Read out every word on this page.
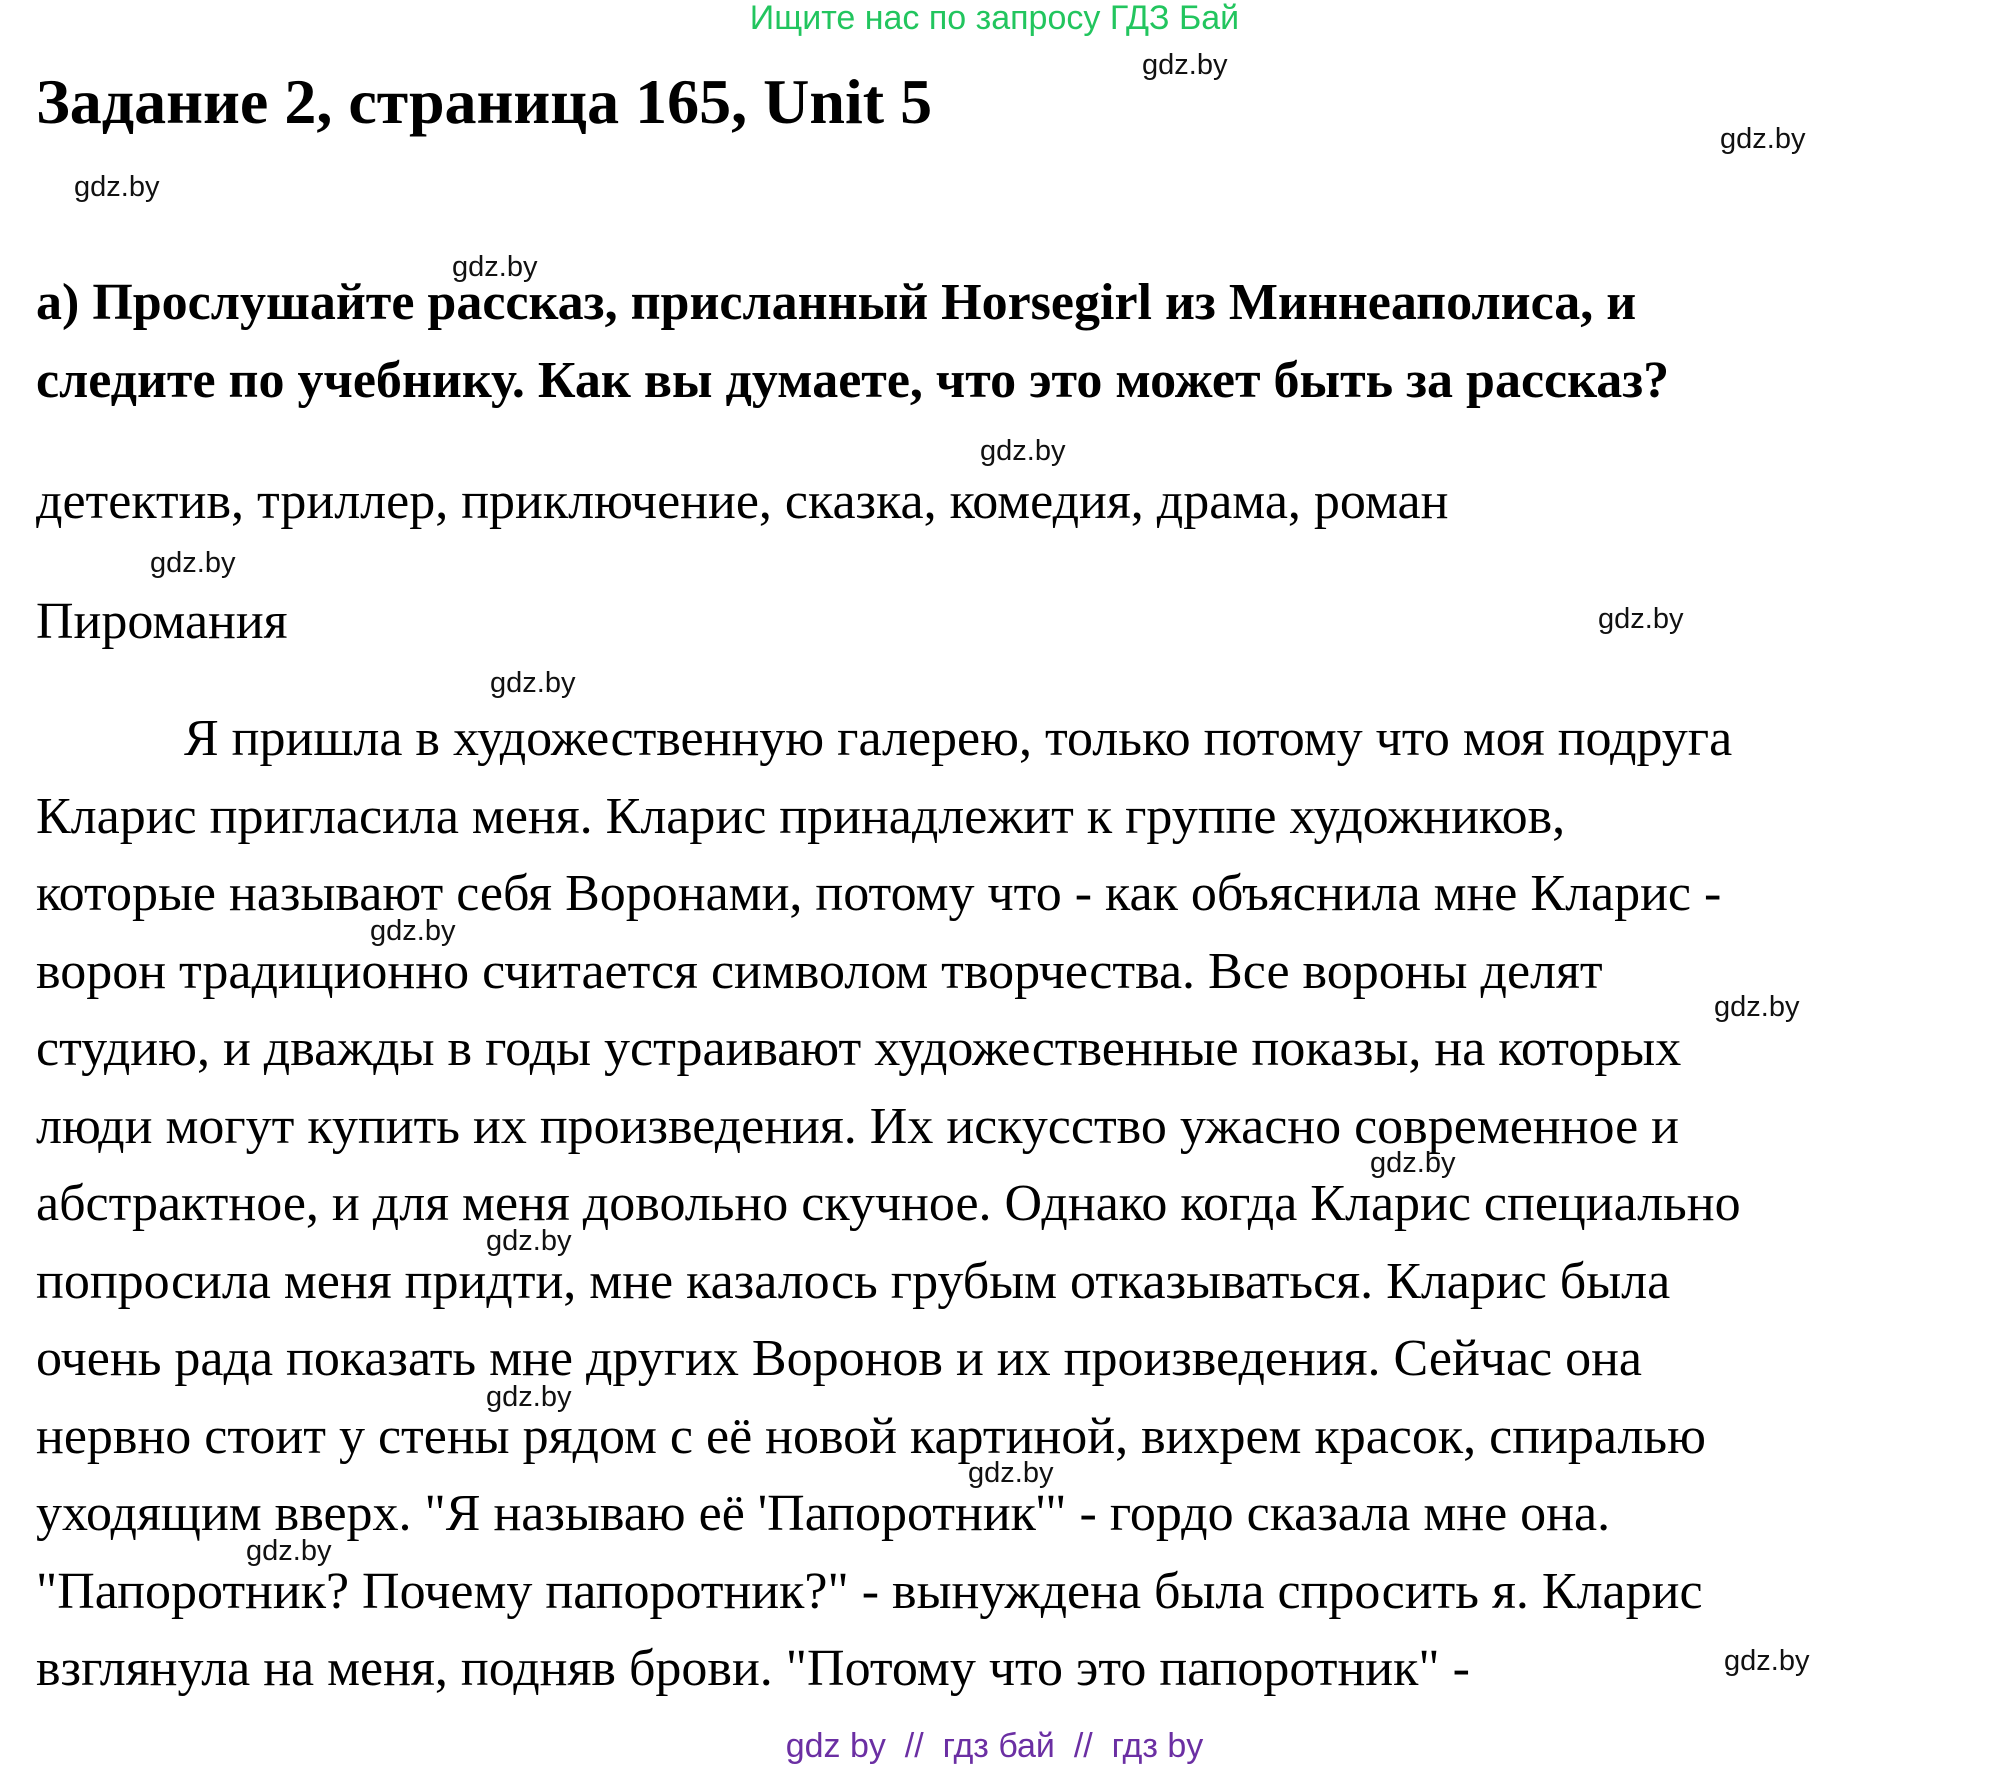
Ищите нас по запросу ГДЗ Бай
Задание 2, страница 165, Unit 5
а) Прослушайте рассказ, присланный Horsegirl из Миннеаполиса, и
следите по учебнику. Как вы думаете, что это может быть за рассказ?
детектив, триллер, приключение, сказка, комедия, драма, роман
Пиромания
Я пришла в художественную галерею, только потому что моя подруга
Кларис пригласила меня. Кларис принадлежит к группе художников,
которые называют себя Воронами, потому что - как объяснила мне Кларис -
ворон традиционно считается символом творчества. Все вороны делят
студию, и дважды в годы устраивают художественные показы, на которых
люди могут купить их произведения. Их искусство ужасно современное и
абстрактное, и для меня довольно скучное. Однако когда Кларис специально
попросила меня придти, мне казалось грубым отказываться. Кларис была
очень рада показать мне других Воронов и их произведения. Сейчас она
нервно стоит у стены рядом с её новой картиной, вихрем красок, спиралью
уходящим вверх. "Я называю её 'Папоротник'" - гордо сказала мне она.
"Папоротник? Почему папоротник?" - вынуждена была спросить я. Кларис
взглянула на меня, подняв брови. "Потому что это папоротник" -
gdz.by
gdz.by
gdz.by
gdz.by
gdz.by
gdz.by
gdz.by
gdz.by
gdz.by
gdz.by
gdz.by
gdz.by
gdz.by
gdz.by
gdz.by
gdz.by
gdz by  //  гдз бай  //  гдз by
